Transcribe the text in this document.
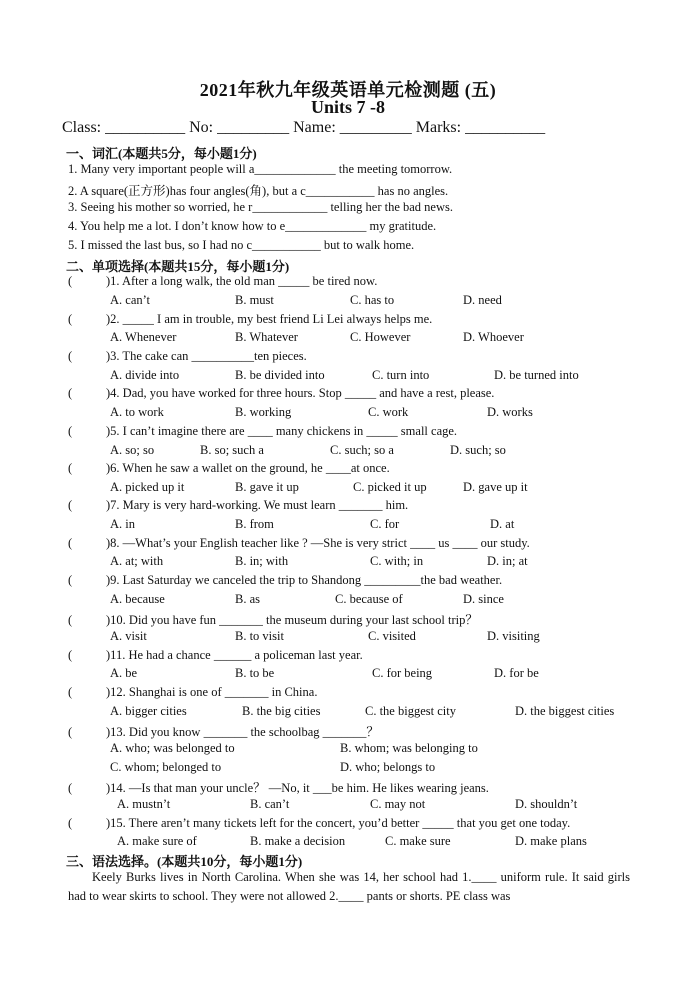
2021年秋九年级英语单元检测题 (五)
Units 7 -8
Class: __________ No: _________ Name: _________ Marks: __________
一、词汇(本题共5分，每小题1分)
1. Many very important people will a_____________ the meeting tomorrow.
2. A square(正方形)has four angles(角), but a c___________ has no angles.
3. Seeing his mother so worried, he r____________ telling her the bad news.
4. You help me a lot. I don’t know how to e_____________ my gratitude.
5. I missed the last bus, so I had no c___________ but to walk home.
二、单项选择(本题共15分，每小题1分)
(	)1. After a long walk, the old man _____ be tired now.
A. can’t	B. must	C. has to	D. need
(	)2. _____ I am in trouble, my best friend Li Lei always helps me.
A. Whenever	B. Whatever	C. However	D. Whoever
(	)3. The cake can __________ten pieces.
A. divide into	B. be divided into	C. turn into	D. be turned into
(	)4. Dad, you have worked for three hours. Stop _____ and have a rest, please.
A. to work	B. working	C. work	D. works
(	)5. I can’t imagine there are ____ many chickens in _____ small cage.
A. so; so	B. so; such a	C. such; so a	D. such; so
(	)6. When he saw a wallet on the ground, he ____at once.
A. picked up it	B. gave it up	C. picked it up	D. gave up it
(	)7. Mary is very hard-working. We must learn _______ him.
A. in	B. from	C. for	D. at
(	)8. —What’s your English teacher like ? —She is very strict ____ us ____ our study.
A. at; with	B. in; with	C. with; in	D. in; at
(	)9. Last Saturday we canceled the trip to Shandong _________the bad weather.
A. because	B. as	C. because of	D. since
(	)10. Did you have fun _______ the museum during your last school trip？
A. visit	B. to visit	C. visited	D. visiting
(	)11. He had a chance ______ a policeman last year.
A. be	B. to be	C. for being	D. for be
(	)12. Shanghai is one of _______ in China.
A. bigger cities	B. the big cities	C. the biggest city	D. the biggest cities
(	)13. Did you know _______ the schoolbag _______？
A. who; was belonged to	B. whom; was belonging to
C. whom; belonged to	D. who; belongs to
(	)14. —Is that man your uncle？ —No, it ___be him. He likes wearing jeans.
A. mustn’t	B. can’t	C. may not	D. shouldn’t
(	)15. There aren’t many tickets left for the concert, you’d better _____ that you get one today.
A. make sure of	B. make a decision	C. make sure	D. make plans
三、语法选择。(本题共10分，每小题1分)
Keely Burks lives in North Carolina. When she was 14, her school had 1.____ uniform rule. It said girls had to wear skirts to school. They were not allowed 2.____ pants or shorts. PE class was
